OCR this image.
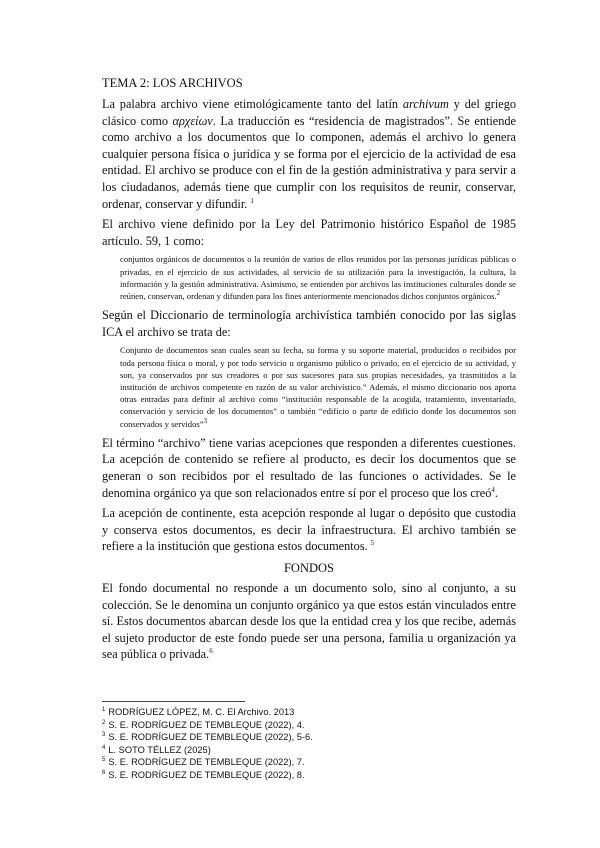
TEMA 2: LOS ARCHIVOS

La palabra archivo viene etimológicamente tanto del latín archivum y del griego clásico como αρχείων. La traducción es “residencia de magistrados”. Se entiende como archivo a los documentos que lo componen, además el archivo lo genera cualquier persona física o jurídica y se forma por el ejercicio de la actividad de esa entidad. El archivo se produce con el fin de la gestión administrativa y para servir a los ciudadanos, además tiene que cumplir con los requisitos de reunir, conservar, ordenar, conservar y difundir. $^1$

El archivo viene definido por la Ley del Patrimonio histórico Español de 1985 artículo. 59, 1 como:

conjuntos orgánicos de documentos o la reunión de varios de ellos reunidos por las personas jurídicas públicas o privadas, en el ejercicio de sus actividades, al servicio de su utilización para la investigación, la cultura, la información y la gestión administrativa. Asimismo, se entienden por archivos las instituciones culturales donde se reúnen, conservan, ordenan y difunden para los fines anteriormente mencionados dichos conjuntos orgánicos.$^2$

Según el Diccionario de terminología archivística también conocido por las siglas ICA el archivo se trata de:

Conjunto de documentos sean cuales sean su fecha, su forma y su soporte material, producidos o recibidos por toda persona física o moral, y por todo servicio u organismo público o privado, en el ejercicio de su actividad, y son, ya conservados por sus creadores o por sus sucesores para sus propias necesidades, ya trasmitidos a la institución de archivos competente en razón de su valor archivístico.” Además, el mismo diccionario nos aporta otras entradas para definir al archivo como “institución responsable de la acogida, tratamiento, inventariado, conservación y servicio de los documentos” o también “edificio o parte de edificio donde los documentos son conservados y servidos”$^3$

El término “archivo” tiene varias acepciones que responden a diferentes cuestiones. La acepción de contenido se refiere al producto, es decir los documentos que se generan o son recibidos por el resultado de las funciones o actividades. Se le denomina orgánico ya que son relacionados entre sí por el proceso que los creó$^4$.

La acepción de continente, esta acepción responde al lugar o depósito que custodia y conserva estos documentos, es decir la infraestructura. El archivo también se refiere a la institución que gestiona estos documentos. $^5$

FONDOS

El fondo documental no responde a un documento solo, sino al conjunto, a su colección. Se le denomina un conjunto orgánico ya que estos están vinculados entre sí. Estos documentos abarcan desde los que la entidad crea y los que recibe, además el sujeto productor de este fondo puede ser una persona, familia u organización ya sea pública o privada.$^6$

$^1$ RODRÍGUEZ LÓPEZ, M. C. El Archivo. 2013
$^2$ S. E. RODRÍGUEZ DE TEMBLEQUE (2022), 4.
$^3$ S. E. RODRÍGUEZ DE TEMBLEQUE (2022), 5-6.
$^4$ L. SOTO TÉLLEZ (2025)
$^5$ S. E. RODRÍGUEZ DE TEMBLEQUE (2022), 7.
$^6$ S. E. RODRÍGUEZ DE TEMBLEQUE (2022), 8.
